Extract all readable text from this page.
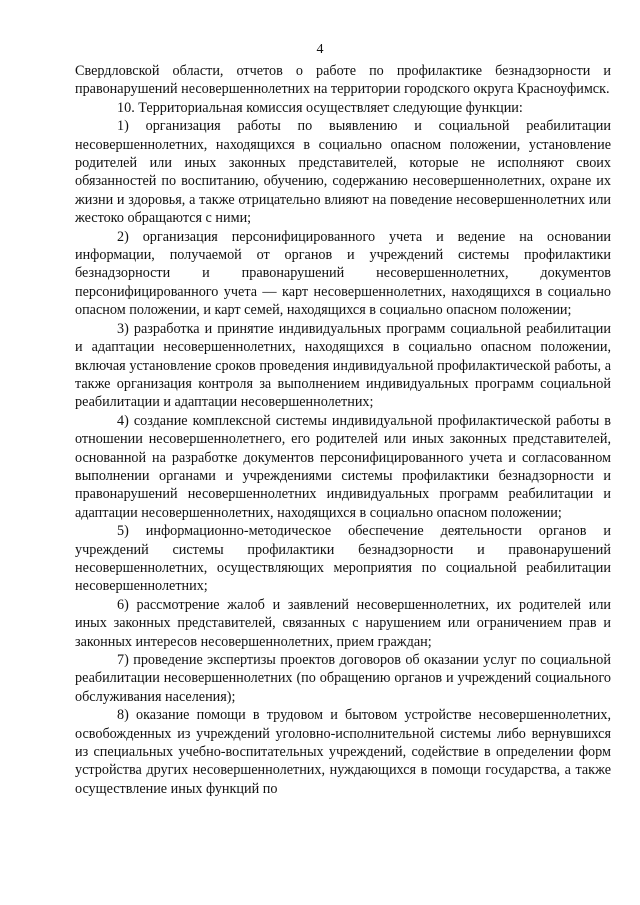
4

Свердловской области, отчетов о работе по профилактике безнадзорности и правонарушений несовершеннолетних на территории городского округа Красноуфимск.

10. Территориальная комиссия осуществляет следующие функции:

1) организация работы по выявлению и социальной реабилитации несовершеннолетних, находящихся в социально опасном положении, установление родителей или иных законных представителей, которые не исполняют своих обязанностей по воспитанию, обучению, содержанию несовершеннолетних, охране их жизни и здоровья, а также отрицательно влияют на поведение несовершеннолетних или жестоко обращаются с ними;

2) организация персонифицированного учета и ведение на основании информации, получаемой от органов и учреждений системы профилактики безнадзорности и правонарушений несовершеннолетних, документов персонифицированного учета — карт несовершеннолетних, находящихся в социально опасном положении, и карт семей, находящихся в социально опасном положении;

3) разработка и принятие индивидуальных программ социальной реабилитации и адаптации несовершеннолетних, находящихся в социально опасном положении, включая установление сроков проведения индивидуальной профилактической работы, а также организация контроля за выполнением индивидуальных программ социальной реабилитации и адаптации несовершеннолетних;

4) создание комплексной системы индивидуальной профилактической работы в отношении несовершеннолетнего, его родителей или иных законных представителей, основанной на разработке документов персонифицированного учета и согласованном выполнении органами и учреждениями системы профилактики безнадзорности и правонарушений несовершеннолетних индивидуальных программ реабилитации и адаптации несовершеннолетних, находящихся в социально опасном положении;

5) информационно-методическое обеспечение деятельности органов и учреждений системы профилактики безнадзорности и правонарушений несовершеннолетних, осуществляющих мероприятия по социальной реабилитации несовершеннолетних;

6) рассмотрение жалоб и заявлений несовершеннолетних, их родителей или иных законных представителей, связанных с нарушением или ограничением прав и законных интересов несовершеннолетних, прием граждан;

7) проведение экспертизы проектов договоров об оказании услуг по социальной реабилитации несовершеннолетних (по обращению органов и учреждений социального обслуживания населения);

8) оказание помощи в трудовом и бытовом устройстве несовершеннолетних, освобожденных из учреждений уголовно-исполнительной системы либо вернувшихся из специальных учебно-воспитательных учреждений, содействие в определении форм устройства других несовершеннолетних, нуждающихся в помощи государства, а также осуществление иных функций по
